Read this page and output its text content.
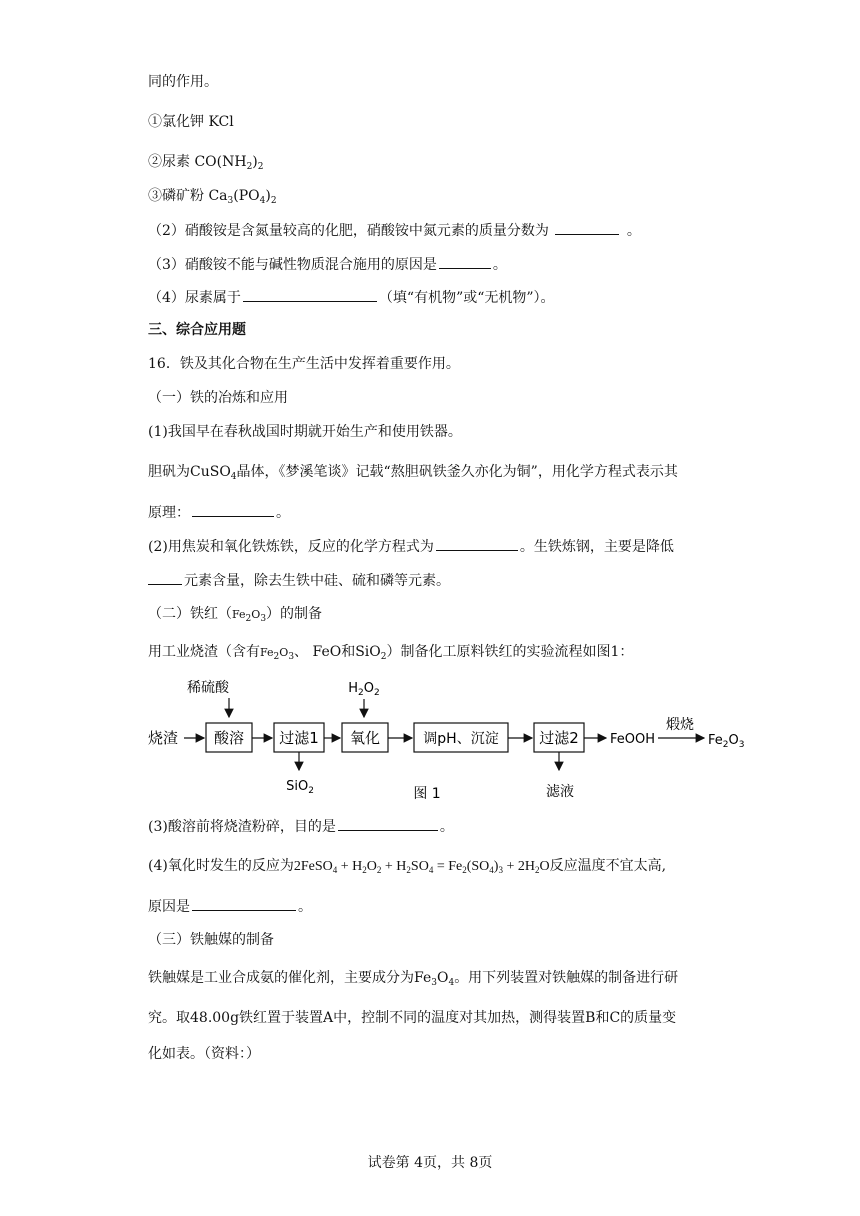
同的作用。
①氯化钾 KCl
②尿素 $CO(NH_2)_2$
③磷矿粉 $Ca_3(PO_4)_2$
（2）硝酸铵是含氮量较高的化肥，硝酸铵中氮元素的质量分数为	。
（3）硝酸铵不能与碱性物质混合施用的原因是	。
（4）尿素属于	（填“有机物”或“无机物”）。
三、综合应用题
16．铁及其化合物在生产生活中发挥着重要作用。
（一）铁的冶炼和应用
(1)我国早在春秋战国时期就开始生产和使用铁器。
胆矾为CuSO$_4$晶体，《梦溪笔谈》记载“熬胆矾铁釜久亦化为铜”，用化学方程式表示其
原理：	。
(2)用焦炭和氧化铁炼铁，反应的化学方程式为	。生铁炼钢，主要是降低
元素含量，除去生铁中硅、硫和磷等元素。
（二）铁红$(Fe_2O_3)$的制备
用工业烧渣（含有$Fe_2O_3$、 FeO和SiO$_2$）制备化工原料铁红的实验流程如图1：
稀硫酸	$H_2O_2$
烧渣 酸溶 过滤1
SiO$_2$
氧化	调pH、沉淀	过滤2
滤液
FeOOH
煅烧
$Fe_2O_3$
图 1
(3)酸溶前将烧渣粉碎，目的是	。
(4)氧化时发生的反应为2FeSO$_4$ + $H_2O_2 + H_2SO_4 = Fe_2(SO_4)_3 + 2H_2O$反应温度不宜太高,
原因是	。
（三）铁触媒的制备
铁触媒是工业合成氨的催化剂，主要成分为$Fe_3O_4$。用下列装置对铁触媒的制备进行研
究。取48.00g铁红置于装置A中，控制不同的温度对其加热，测得装置B和C的质量变
化如表。（资料：）
试卷第 4页，共 8页
